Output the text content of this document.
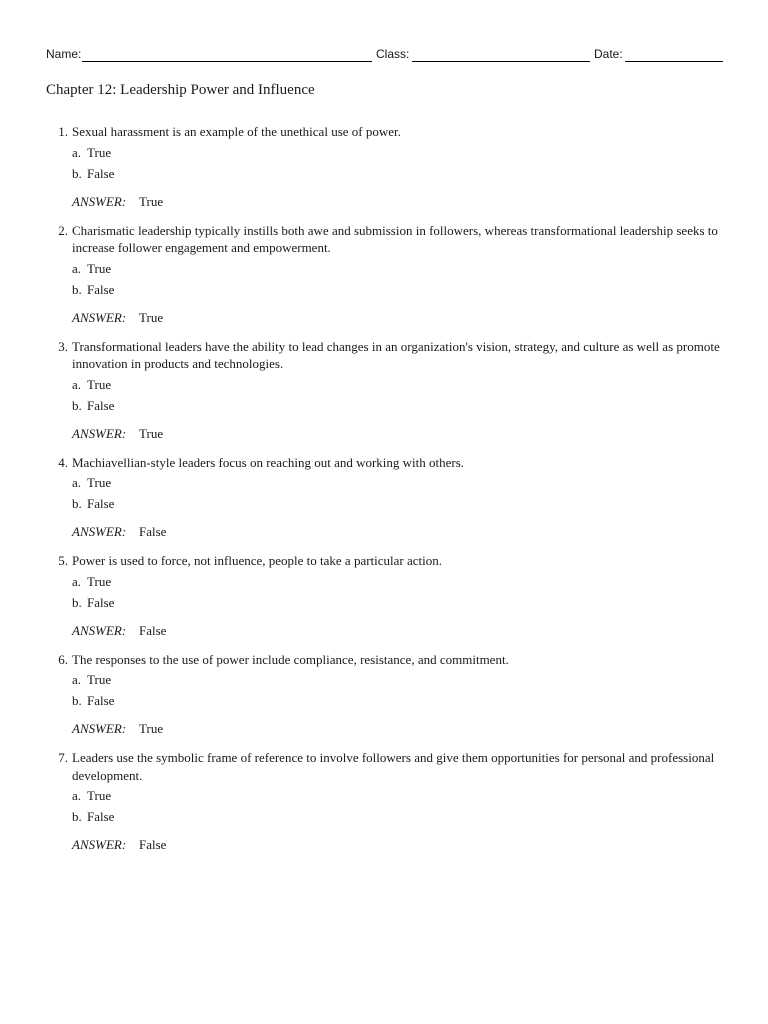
Name:	Class:	Date:
Chapter 12: Leadership Power and Influence
1. Sexual harassment is an example of the unethical use of power.
a. True
b. False
ANSWER: True
2. Charismatic leadership typically instills both awe and submission in followers, whereas transformational leadership seeks to increase follower engagement and empowerment.
a. True
b. False
ANSWER: True
3. Transformational leaders have the ability to lead changes in an organization's vision, strategy, and culture as well as promote innovation in products and technologies.
a. True
b. False
ANSWER: True
4. Machiavellian-style leaders focus on reaching out and working with others.
a. True
b. False
ANSWER: False
5. Power is used to force, not influence, people to take a particular action.
a. True
b. False
ANSWER: False
6. The responses to the use of power include compliance, resistance, and commitment.
a. True
b. False
ANSWER: True
7. Leaders use the symbolic frame of reference to involve followers and give them opportunities for personal and professional development.
a. True
b. False
ANSWER: False
